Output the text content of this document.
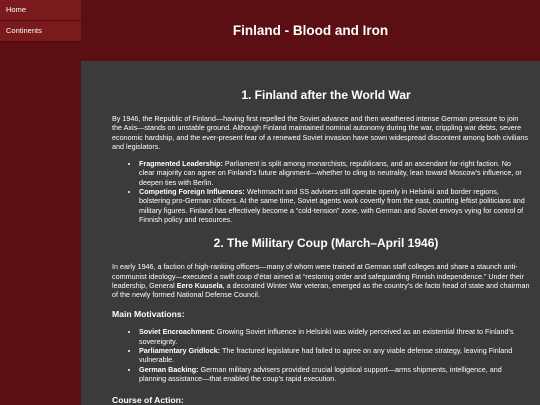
Home
Continents	Finland - Blood and Iron
1. Finland after the World War

By 1946, the Republic of Finland—having first repelled the Soviet advance and then weathered intense German pressure to join the Axis—stands on unstable ground. Although Finland maintained nominal autonomy during the war, crippling war debts, severe economic hardship, and the ever-present fear of a renewed Soviet invasion have sown widespread discontent among both civilians and legislators.

• Fragmented Leadership: Parliament is split among monarchists, republicans, and an ascendant far-right faction. No clear majority can agree on Finland’s future alignment—whether to cling to neutrality, lean toward Moscow’s influence, or deepen ties with Berlin.
• Competing Foreign Influences: Wehrmacht and SS advisers still operate openly in Helsinki and border regions, bolstering pro-German officers. At the same time, Soviet agents work covertly from the east, courting leftist politicians and military figures. Finland has effectively become a “cold-tension” zone, with German and Soviet envoys vying for control of Finnish policy and resources.
2. The Military Coup (March–April 1946)

In early 1946, a faction of high-ranking officers—many of whom were trained at German staff colleges and share a staunch anti-communist ideology—executed a swift coup d’état aimed at “restoring order and safeguarding Finnish independence.” Under their leadership, General Eero Kuusela, a decorated Winter War veteran, emerged as the country’s de facto head of state and chairman of the newly formed National Defense Council.

Main Motivations:
• Soviet Encroachment: Growing Soviet influence in Helsinki was widely perceived as an existential threat to Finland’s sovereignty.
• Parliamentary Gridlock: The fractured legislature had failed to agree on any viable defense strategy, leaving Finland vulnerable.
• German Backing: German military advisers provided crucial logistical support—arms shipments, intelligence, and planning assistance—that enabled the coup’s rapid execution.
Course of Action:
